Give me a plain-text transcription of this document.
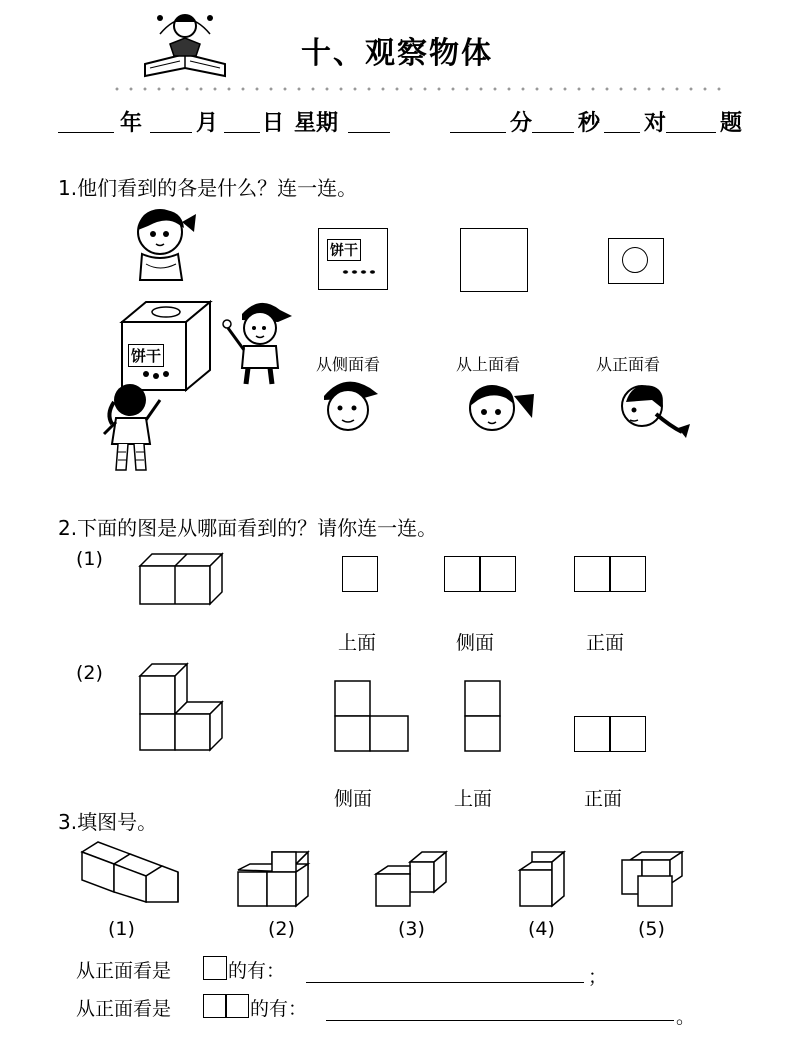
十、观察物体
年 月 日 星期	分 秒 对 题
1.他们看到的各是什么？连一连。
饼干
饼干	从侧面看	从上面看	从正面看
2.下面的图是从哪面看到的？请你连一连。
(1)
上面	侧面	正面
(2)
侧面	上面	正面
3.填图号。
(1)	(2)	(3)	(4)	(5)
从正面看是	的有：	；
从正面看是	的有：	。
